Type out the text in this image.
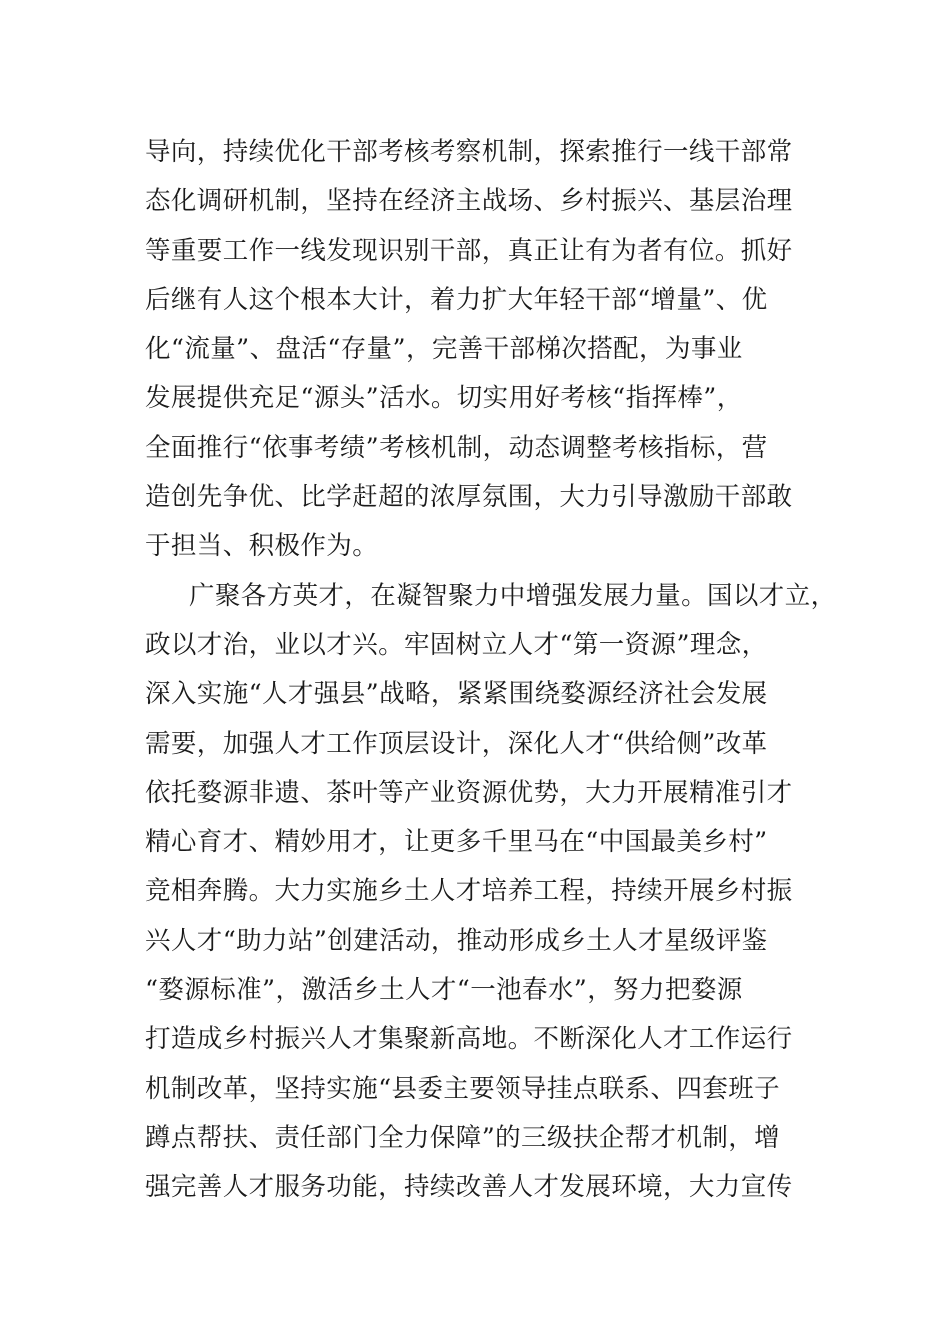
导向，持续优化干部考核考察机制，探索推行一线干部常
态化调研机制，坚持在经济主战场、乡村振兴、基层治理
等重要工作一线发现识别干部，真正让有为者有位。抓好
后继有人这个根本大计，着力扩大年轻干部“增量”、优
化“流量”、盘活“存量”，完善干部梯次搭配，为事业
发展提供充足“源头”活水。切实用好考核“指挥棒”，
全面推行“依事考绩”考核机制，动态调整考核指标，营
造创先争优、比学赶超的浓厚氛围，大力引导激励干部敢
于担当、积极作为。
广聚各方英才，在凝智聚力中增强发展力量。国以才立，
政以才治，业以才兴。牢固树立人才“第一资源”理念，
深入实施“人才强县”战略，紧紧围绕婺源经济社会发展
需要，加强人才工作顶层设计，深化人才“供给侧”改革
依托婺源非遗、茶叶等产业资源优势，大力开展精准引才
精心育才、精妙用才，让更多千里马在“中国最美乡村”
竞相奔腾。大力实施乡土人才培养工程，持续开展乡村振
兴人才“助力站”创建活动，推动形成乡土人才星级评鉴
“婺源标准”，激活乡土人才“一池春水”，努力把婺源
打造成乡村振兴人才集聚新高地。不断深化人才工作运行
机制改革，坚持实施“县委主要领导挂点联系、四套班子
蹲点帮扶、责任部门全力保障”的三级扶企帮才机制，增
强完善人才服务功能，持续改善人才发展环境，大力宣传
